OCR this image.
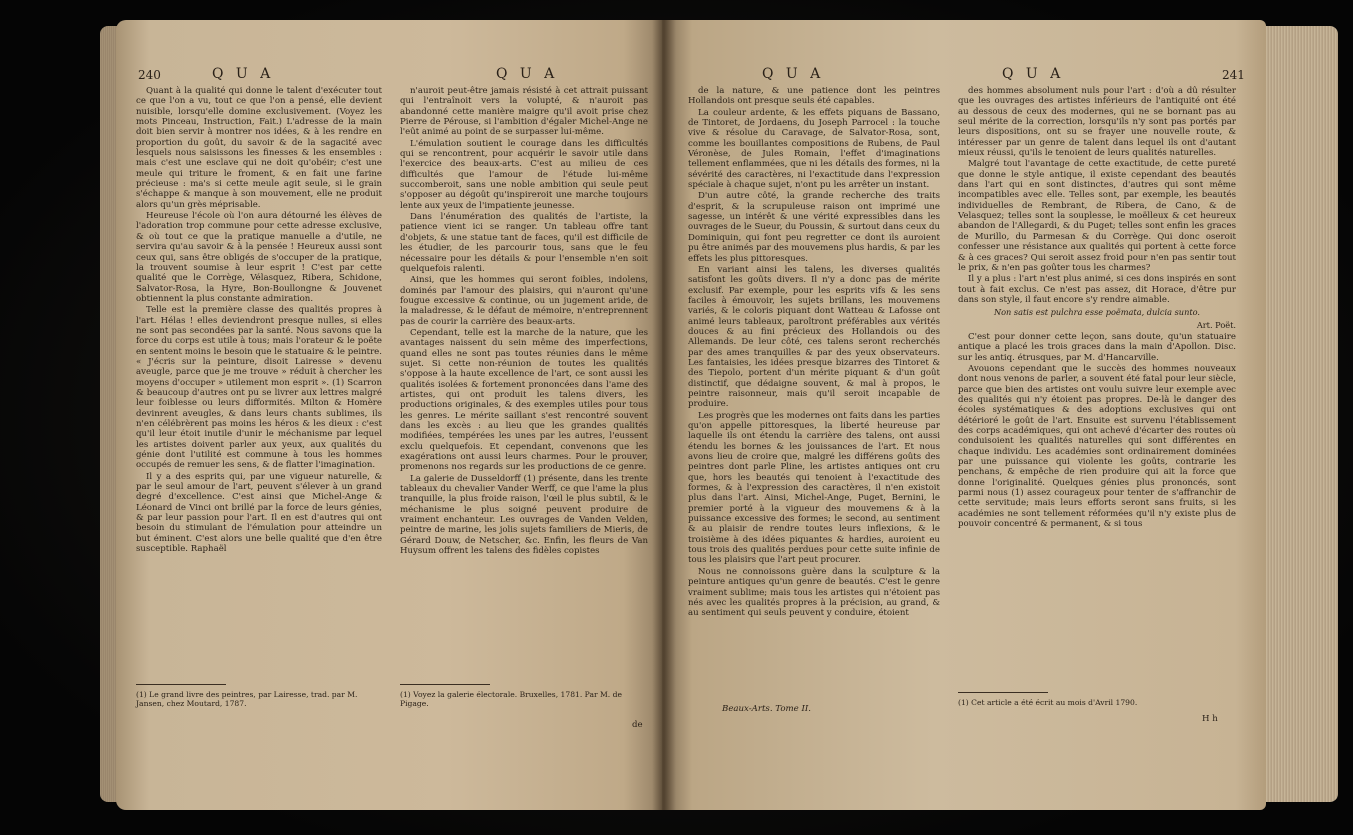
240	Q U A	Q U A

Quant à la qualité qui donne le talent d'exécuter tout ce que l'on a vu, tout ce que l'on a pensé, elle devient nuisible, lorsqu'elle domine exclusivement. (Voyez les mots Pinceau, Instruction, Fait.) L'adresse de la main doit bien servir à montrer nos idées, & à les rendre en proportion du goût, du savoir & de la sagacité avec lesquels nous saisissons les finesses & les ensembles : mais c'est une esclave qui ne doit qu'obéir; c'est une meule qui triture le froment, & en fait une farine précieuse : ma's si cette meule agit seule, si le grain s'échappe & manque à son mouvement, elle ne produit alors qu'un grès méprisable.

Heureuse l'école où l'on aura détourné les élèves de l'adoration trop commune pour cette adresse exclusive, & où tout ce que la pratique manuelle a d'utile, ne servira qu'au savoir & à la pensée ! Heureux aussi sont ceux qui, sans être obligés de s'occuper de la pratique, la trouvent soumise à leur esprit ! C'est par cette qualité que le Corrège, Vélasquez, Ribera, Schidone, Salvator-Rosa, la Hyre, Bon-Boullongne & Jouvenet obtiennent la plus constante admiration.

Telle est la première classe des qualités propres à l'art. Hélas ! elles deviendront presque nulles, si elles ne sont pas secondées par la santé. Nous savons que la force du corps est utile à tous; mais l'orateur & le poëte en sentent moins le besoin que le statuaire & le peintre. « J'écris sur la peinture, disoit Lairesse » devenu aveugle, parce que je me trouve » réduit à chercher les moyens d'occuper » utilement mon esprit ». (1) Scarron & beaucoup d'autres ont pu se livrer aux lettres malgré leur foiblesse ou leurs difformités. Milton & Homère devinrent aveugles, & dans leurs chants sublimes, ils n'en célébrèrent pas moins les héros & les dieux : c'est qu'il leur étoit inutile d'unir le méchanisme par lequel les artistes doivent parler aux yeux, aux qualités du génie dont l'utilité est commune à tous les hommes occupés de remuer les sens, & de flatter l'imagination.

Il y a des esprits qui, par une vigueur naturelle, & par le seul amour de l'art, peuvent s'élever à un grand degré d'excellence. C'est ainsi que Michel-Ange & Léonard de Vinci ont brillé par la force de leurs génies, & par leur passion pour l'art. Il en est d'autres qui ont besoin du stimulant de l'émulation pour atteindre un but éminent. C'est alors une belle qualité que d'en être susceptible. Raphaël

n'auroit peut-être jamais résisté à cet attrait puissant qui l'entraînoit vers la volupté, & n'auroit pas abandonné cette manière maigre qu'il avoit prise chez Pierre de Pérouse, si l'ambition d'égaler Michel-Ange ne l'eût animé au point de se surpasser lui-même.

L'émulation soutient le courage dans les difficultés qui se rencontrent, pour acquérir le savoir utile dans l'exercice des beaux-arts. C'est au milieu de ces difficultés que l'amour de l'étude lui-même succomberoit, sans une noble ambition qui seule peut s'opposer au dégoût qu'inspireroit une marche toujours lente aux yeux de l'impatiente jeunesse.

Dans l'énumération des qualités de l'artiste, la patience vient ici se ranger. Un tableau offre tant d'objets, & une statue tant de faces, qu'il est difficile de les étudier, de les parcourir tous, sans que le feu nécessaire pour les détails & pour l'ensemble n'en soit quelquefois ralenti.

Ainsi, que les hommes qui seront foibles, indolens, dominés par l'amour des plaisirs, qui n'auront qu'une fougue excessive & continue, ou un jugement aride, de la maladresse, & le défaut de mémoire, n'entreprennent pas de courir la carrière des beaux-arts.

Cependant, telle est la marche de la nature, que les avantages naissent du sein même des imperfections, quand elles ne sont pas toutes réunies dans le même sujet. Si cette non-réunion de toutes les qualités s'oppose à la haute excellence de l'art, ce sont aussi les qualités isolées & fortement prononcées dans l'ame des artistes, qui ont produit les talens divers, les productions originales, & des exemples utiles pour tous les genres. Le mérite saillant s'est rencontré souvent dans les excès : au lieu que les grandes qualités modifiées, tempérées les unes par les autres, l'eussent exclu quelquefois. Et cependant, convenons que les exagérations ont aussi leurs charmes. Pour le prouver, promenons nos regards sur les productions de ce genre.

La galerie de Dusseldorff (1) présente, dans les trente tableaux du chevalier Vander Werff, ce que l'ame la plus tranquille, la plus froide raison, l'œil le plus subtil, & le méchanisme le plus soigné peuvent produire de vraiment enchanteur. Les ouvrages de Vanden Velden, peintre de marine, les jolis sujets familiers de Mieris, de Gérard Douw, de Netscher, &c. Enfin, les fleurs de Van Huysum offrent les talens des fidèles copistes

(1) Le grand livre des peintres, par Lairesse, trad. par M. Jansen, chez Moutard, 1787.
(1) Voyez la galerie électorale. Bruxelles, 1781. Par M. de Pigage.
de
Q U A	Q U A	241

de la nature, & une patience dont les peintres Hollandois ont presque seuls été capables.

La couleur ardente, & les effets piquans de Bassano, de Tintoret, de Jordaens, du Joseph Parrocel : la touche vive & résolue du Caravage, de Salvator-Rosa, sont, comme les bouillantes compositions de Rubens, de Paul Véronèse, de Jules Romain, l'effet d'imaginations tellement enflammées, que ni les détails des formes, ni la sévérité des caractères, ni l'exactitude dans l'expression spéciale à chaque sujet, n'ont pu les arrêter un instant.

D'un autre côté, la grande recherche des traits d'esprit, & la scrupuleuse raison ont imprimé une sagesse, un intérêt & une vérité expressibles dans les ouvrages de le Sueur, du Poussin, & surtout dans ceux du Dominiquin, qui font peu regretter ce dont ils auroient pu être animés par des mouvemens plus hardis, & par les effets les plus pittoresques.

En variant ainsi les talens, les diverses qualités satisfont les goûts divers. Il n'y a donc pas de mérite exclusif. Par exemple, pour les esprits vifs & les sens faciles à émouvoir, les sujets brillans, les mouvemens variés, & le coloris piquant dont Watteau & Lafosse ont animé leurs tableaux, paroîtront préférables aux vérités douces & au fini précieux des Hollandois ou des Allemands. De leur côté, ces talens seront recherchés par des ames tranquilles & par des yeux observateurs. Les fantaisies, les idées presque bizarres des Tintoret & des Tiepolo, portent d'un mérite piquant & d'un goût distinctif, que dédaigne souvent, & mal à propos, le peintre raisonneur, mais qu'il seroit incapable de produire.

Les progrès que les modernes ont faits dans les parties qu'on appelle pittoresques, la liberté heureuse par laquelle ils ont étendu la carrière des talens, ont aussi étendu les bornes & les jouissances de l'art. Et nous avons lieu de croire que, malgré les différens goûts des peintres dont parle Pline, les artistes antiques ont cru que, hors les beautés qui tenoient à l'exactitude des formes, & à l'expression des caractères, il n'en existoit plus dans l'art. Ainsi, Michel-Ange, Puget, Bernini, le premier porté à la vigueur des mouvemens & à la puissance excessive des formes; le second, au sentiment & au plaisir de rendre toutes leurs inflexions, & le troisième à des idées piquantes & hardies, auroient eu tous trois des qualités perdues pour cette suite infinie de tous les plaisirs que l'art peut procurer.

Nous ne connoissons guère dans la sculpture & la peinture antiques qu'un genre de beautés. C'est le genre vraiment sublime; mais tous les artistes qui n'étoient pas nés avec les qualités propres à la précision, au grand, & au sentiment qui seuls peuvent y conduire, étoient

des hommes absolument nuls pour l'art : d'où a dû résulter que les ouvrages des artistes inférieurs de l'antiquité ont été au dessous de ceux des modernes, qui ne se bornant pas au seul mérite de la correction, lorsqu'ils n'y sont pas portés par leurs dispositions, ont su se frayer une nouvelle route, & intéresser par un genre de talent dans lequel ils ont d'autant mieux réussi, qu'ils le tenoient de leurs qualités naturelles.

Malgré tout l'avantage de cette exactitude, de cette pureté que donne le style antique, il existe cependant des beautés dans l'art qui en sont distinctes, d'autres qui sont même incompatibles avec elle. Telles sont, par exemple, les beautés individuelles de Rembrant, de Ribera, de Cano, & de Velasquez; telles sont la souplesse, le moëlleux & cet heureux abandon de l'Allegardi, & du Puget; telles sont enfin les graces de Murillo, du Parmesan & du Corrège. Qui donc oseroit confesser une résistance aux qualités qui portent à cette force & à ces graces? Qui seroit assez froid pour n'en pas sentir tout le prix, & n'en pas goûter tous les charmes?

Il y a plus : l'art n'est plus animé, si ces dons inspirés en sont tout à fait exclus. Ce n'est pas assez, dit Horace, d'être pur dans son style, il faut encore s'y rendre aimable.

Non satis est pulchra esse poëmata, dulcia sunto.
Art. Poët.

C'est pour donner cette leçon, sans doute, qu'un statuaire antique a placé les trois graces dans la main d'Apollon. Disc. sur les antiq. étrusques, par M. d'Hancarville.

Avouons cependant que le succès des hommes nouveaux dont nous venons de parler, a souvent été fatal pour leur siècle, parce que bien des artistes ont voulu suivre leur exemple avec des qualités qui n'y étoient pas propres. De-là le danger des écoles systématiques & des adoptions exclusives qui ont détérioré le goût de l'art. Ensuite est survenu l'établissement des corps académiques, qui ont achevé d'écarter des routes où conduisoient les qualités naturelles qui sont différentes en chaque individu. Les académies sont ordinairement dominées par une puissance qui violente les goûts, contrarie les penchans, & empêche de rien produire qui ait la force que donne l'originalité. Quelques génies plus prononcés, sont parmi nous (1) assez courageux pour tenter de s'affranchir de cette servitude; mais leurs efforts seront sans fruits, si les académies ne sont tellement réformées qu'il n'y existe plus de pouvoir concentré & permanent, & si tous

Beaux-Arts. Tome II.
(1) Cet article a été écrit au mois d'Avril 1790.
H h
